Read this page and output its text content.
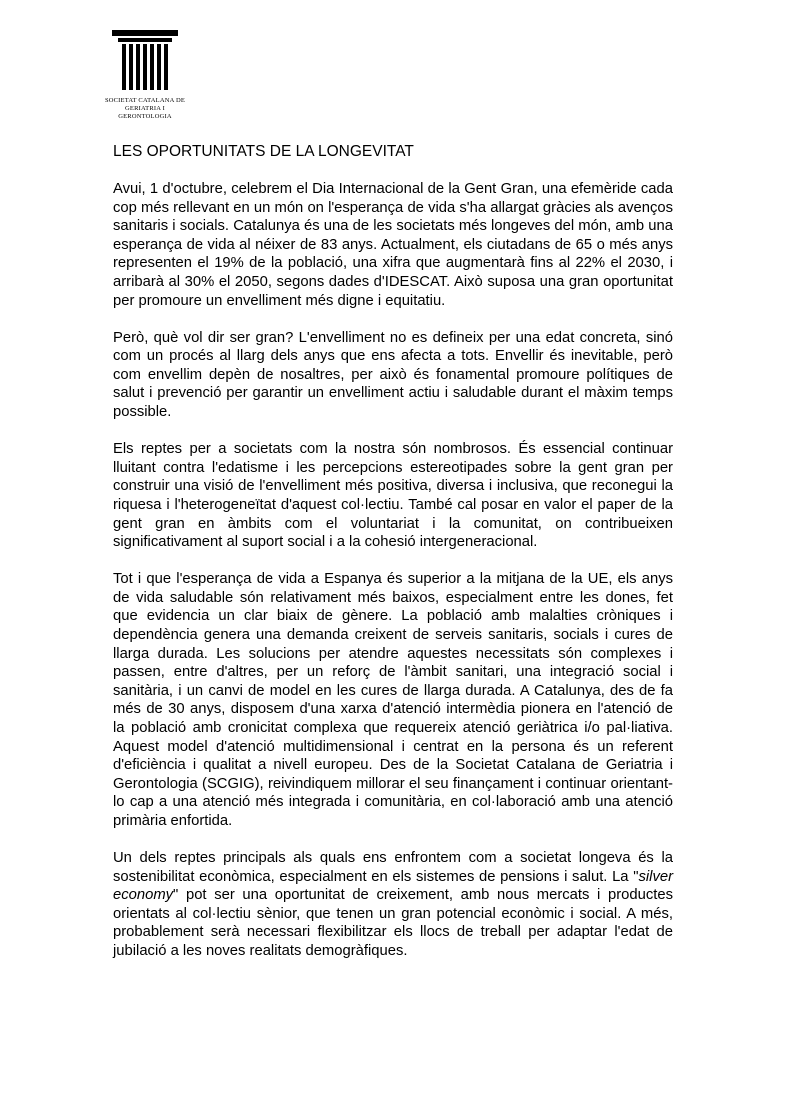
SOCIETAT CATALANA DE
GERIATRIA I GERONTOLOGIA
LES OPORTUNITATS DE LA LONGEVITAT

Avui, 1 d'octubre, celebrem el Dia Internacional de la Gent Gran, una efemèride cada cop més rellevant en un món on l'esperança de vida s'ha allargat gràcies als avenços sanitaris i socials. Catalunya és una de les societats més longeves del món, amb una esperança de vida al néixer de 83 anys. Actualment, els ciutadans de 65 o més anys representen el 19% de la població, una xifra que augmentarà fins al 22% el 2030, i arribarà al 30% el 2050, segons dades d'IDESCAT. Això suposa una gran oportunitat per promoure un envelliment més digne i equitatiu.

Però, què vol dir ser gran? L'envelliment no es defineix per una edat concreta, sinó com un procés al llarg dels anys que ens afecta a tots. Envellir és inevitable, però com envellim depèn de nosaltres, per això és fonamental promoure polítiques de salut i prevenció per garantir un envelliment actiu i saludable durant el màxim temps possible.

Els reptes per a societats com la nostra són nombrosos. És essencial continuar lluitant contra l'edatisme i les percepcions estereotipades sobre la gent gran per construir una visió de l'envelliment més positiva, diversa i inclusiva, que reconegui la riquesa i l'heterogeneïtat d'aquest col·lectiu. També cal posar en valor el paper de la gent gran en àmbits com el voluntariat i la comunitat, on contribueixen significativament al suport social i a la cohesió intergeneracional.

Tot i que l'esperança de vida a Espanya és superior a la mitjana de la UE, els anys de vida saludable són relativament més baixos, especialment entre les dones, fet que evidencia un clar biaix de gènere. La població amb malalties cròniques i dependència genera una demanda creixent de serveis sanitaris, socials i cures de llarga durada. Les solucions per atendre aquestes necessitats són complexes i passen, entre d'altres, per un reforç de l'àmbit sanitari, una integració social i sanitària, i un canvi de model en les cures de llarga durada. A Catalunya, des de fa més de 30 anys, disposem d'una xarxa d'atenció intermèdia pionera en l'atenció de la població amb cronicitat complexa que requereix atenció geriàtrica i/o pal·liativa. Aquest model d'atenció multidimensional i centrat en la persona és un referent d'eficiència i qualitat a nivell europeu. Des de la Societat Catalana de Geriatria i Gerontologia (SCGIG), reivindiquem millorar el seu finançament i continuar orientant-lo cap a una atenció més integrada i comunitària, en col·laboració amb una atenció primària enfortida.

Un dels reptes principals als quals ens enfrontem com a societat longeva és la sostenibilitat econòmica, especialment en els sistemes de pensions i salut. La "silver economy" pot ser una oportunitat de creixement, amb nous mercats i productes orientats al col·lectiu sènior, que tenen un gran potencial econòmic i social. A més, probablement serà necessari flexibilitzar els llocs de treball per adaptar l'edat de jubilació a les noves realitats demogràfiques.
